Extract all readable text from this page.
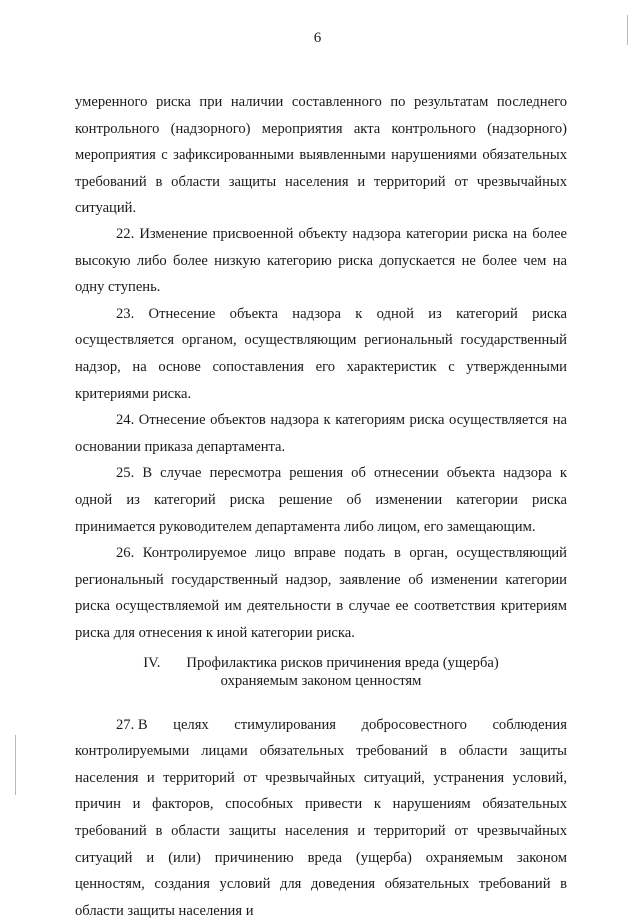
6

умеренного риска при наличии составленного по результатам последнего контрольного (надзорного) мероприятия акта контрольного (надзорного) мероприятия с зафиксированными выявленными нарушениями обязательных требований в области защиты населения и территорий от чрезвычайных ситуаций.

22. Изменение присвоенной объекту надзора категории риска на более высокую либо более низкую категорию риска допускается не более чем на одну ступень.

23. Отнесение объекта надзора к одной из категорий риска осуществляется органом, осуществляющим региональный государственный надзор, на основе сопоставления его характеристик с утвержденными критериями риска.

24. Отнесение объектов надзора к категориям риска осуществляется на основании приказа департамента.

25. В случае пересмотра решения об отнесении объекта надзора к одной из категорий риска решение об изменении категории риска принимается руководителем департамента либо лицом, его замещающим.

26. Контролируемое лицо вправе подать в орган, осуществляющий региональный государственный надзор, заявление об изменении категории риска осуществляемой им деятельности в случае ее соответствия критериям риска для отнесения к иной категории риска.

IV. Профилактика рисков причинения вреда (ущерба)
охраняемым законом ценностям
27. В целях стимулирования добросовестного соблюдения

контролируемыми лицами обязательных требований в области защиты населения и территорий от чрезвычайных ситуаций, устранения условий, причин и факторов, способных привести к нарушениям обязательных требований в области защиты населения и территорий от чрезвычайных ситуаций и (или) причинению вреда (ущерба) охраняемым законом ценностям, создания условий для доведения обязательных требований в области защиты населения и
